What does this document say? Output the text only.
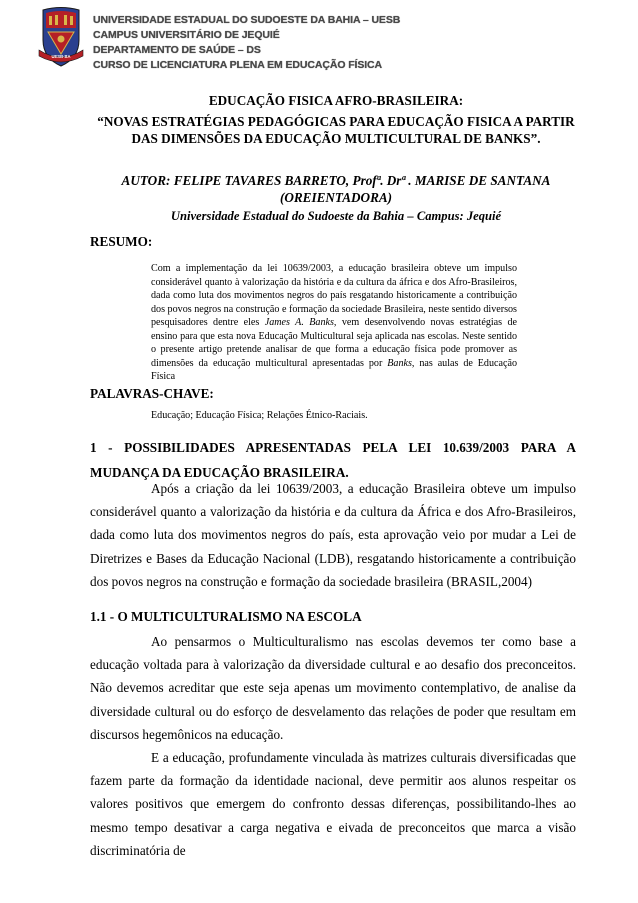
UESB·BA
UNIVERSIDADE ESTADUAL DO SUDOESTE DA BAHIA – UESB
CAMPUS UNIVERSITÁRIO DE JEQUIÉ
DEPARTAMENTO DE SAÚDE – DS
CURSO DE LICENCIATURA PLENA EM EDUCAÇÃO FÍSICA
EDUCAÇÃO FISICA AFRO-BRASILEIRA:
“NOVAS ESTRATÉGIAS PEDAGÓGICAS PARA EDUCAÇÃO FISICA A PARTIR
DAS DIMENSÕES DA EDUCAÇÃO MULTICULTURAL DE BANKS”.
AUTOR: FELIPE TAVARES BARRETO, Profª. Drª . MARISE DE SANTANA
(OREIENTADORA)
Universidade Estadual do Sudoeste da Bahia – Campus: Jequié
RESUMO:
Com a implementação da lei 10639/2003, a educação brasileira obteve um impulso considerável quanto à valorização da história e da cultura da áfrica e dos Afro-Brasileiros, dada como luta dos movimentos negros do país resgatando historicamente a contribuição dos povos negros na construção e formação da sociedade Brasileira, neste sentido diversos pesquisadores dentre eles James A. Banks, vem desenvolvendo novas estratégias de ensino para que esta nova Educação Multicultural seja aplicada nas escolas. Neste sentido o presente artigo pretende analisar de que forma a educação física pode promover as dimensões da educação multicultural apresentadas por Banks, nas aulas de Educação Física
PALAVRAS-CHAVE:
Educação; Educação Física; Relações Étnico-Raciais.
1 - POSSIBILIDADES APRESENTADAS PELA LEI 10.639/2003 PARA A MUDANÇA DA EDUCAÇÃO BRASILEIRA.
Após a criação da lei 10639/2003, a educação Brasileira obteve um impulso considerável quanto a valorização da história e da cultura da África e dos Afro-Brasileiros, dada como luta dos movimentos negros do país, esta aprovação veio por mudar a Lei de Diretrizes e Bases da Educação Nacional (LDB), resgatando historicamente a contribuição dos povos negros na construção e formação da sociedade brasileira (BRASIL,2004)
1.1 - O MULTICULTURALISMO NA ESCOLA
Ao pensarmos o Multiculturalismo nas escolas devemos ter como base a educação voltada para à valorização da diversidade cultural e ao desafio dos preconceitos. Não devemos acreditar que este seja apenas um movimento contemplativo, de analise da diversidade cultural ou do esforço de desvelamento das relações de poder que resultam em discursos hegemônicos na educação.
E a educação, profundamente vinculada às matrizes culturais diversificadas que fazem parte da formação da identidade nacional, deve permitir aos alunos respeitar os valores positivos que emergem do confronto dessas diferenças, possibilitando-lhes ao mesmo tempo desativar a carga negativa e eivada de preconceitos que marca a visão discriminatória de
